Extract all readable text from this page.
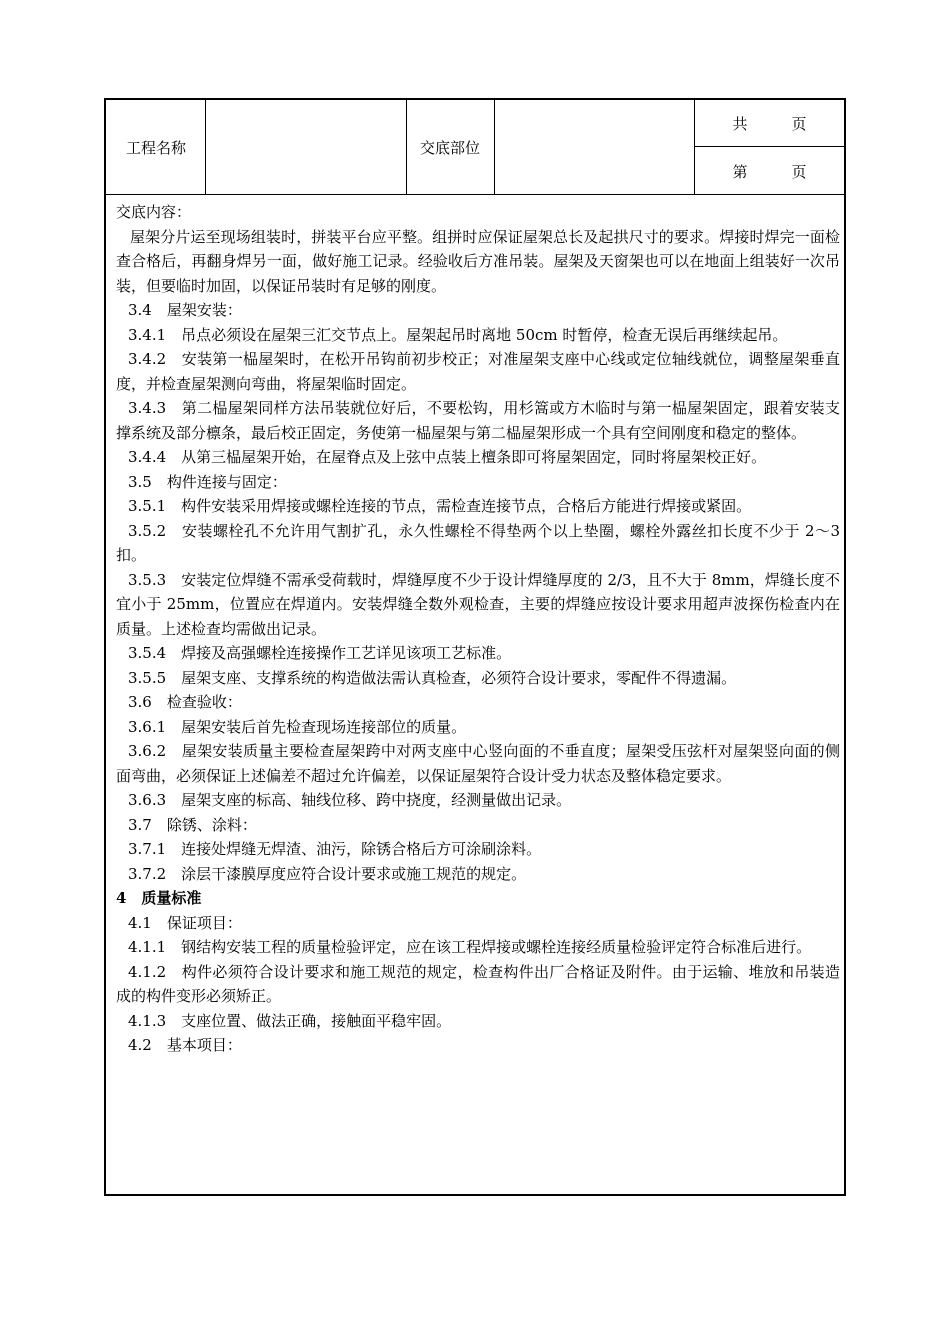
工程名称	交底部位
共	页
第	页

交底内容：

屋架分片运至现场组装时，拼装平台应平整。组拼时应保证屋架总长及起拱尺寸的要求。焊接时焊完一面检查合格后，再翻身焊另一面，做好施工记录。经验收后方准吊装。屋架及天窗架也可以在地面上组装好一次吊装，但要临时加固，以保证吊装时有足够的刚度。

3.4　屋架安装：

3.4.1　吊点必须设在屋架三汇交节点上。屋架起吊时离地 50cm 时暂停，检查无误后再继续起吊。

3.4.2　安装第一榀屋架时，在松开吊钩前初步校正；对准屋架支座中心线或定位轴线就位，调整屋架垂直度，并检查屋架测向弯曲，将屋架临时固定。

3.4.3　第二榀屋架同样方法吊装就位好后，不要松钩，用杉篙或方木临时与第一榀屋架固定，跟着安装支撑系统及部分檩条，最后校正固定，务使第一榀屋架与第二榀屋架形成一个具有空间刚度和稳定的整体。

3.4.4　从第三榀屋架开始，在屋脊点及上弦中点装上檀条即可将屋架固定，同时将屋架校正好。

3.5　构件连接与固定：

3.5.1　构件安装采用焊接或螺栓连接的节点，需检查连接节点，合格后方能进行焊接或紧固。

3.5.2　安装螺栓孔不允许用气割扩孔，永久性螺栓不得垫两个以上垫圈，螺栓外露丝扣长度不少于 2～3 扣。

3.5.3　安装定位焊缝不需承受荷载时，焊缝厚度不少于设计焊缝厚度的 2/3，且不大于 8mm，焊缝长度不宜小于 25mm，位置应在焊道内。安装焊缝全数外观检查，主要的焊缝应按设计要求用超声波探伤检查内在质量。上述检查均需做出记录。

3.5.4　焊接及高强螺栓连接操作工艺详见该项工艺标准。

3.5.5　屋架支座、支撑系统的构造做法需认真检查，必须符合设计要求，零配件不得遗漏。

3.6　检查验收：

3.6.1　屋架安装后首先检查现场连接部位的质量。

3.6.2　屋架安装质量主要检查屋架跨中对两支座中心竖向面的不垂直度；屋架受压弦杆对屋架竖向面的侧面弯曲，必须保证上述偏差不超过允许偏差，以保证屋架符合设计受力状态及整体稳定要求。

3.6.3　屋架支座的标高、轴线位移、跨中挠度，经测量做出记录。

3.7　除锈、涂料：

3.7.1　连接处焊缝无焊渣、油污，除锈合格后方可涂刷涂料。

3.7.2　涂层干漆膜厚度应符合设计要求或施工规范的规定。

4　质量标准

4.1　保证项目：

4.1.1　钢结构安装工程的质量检验评定，应在该工程焊接或螺栓连接经质量检验评定符合标准后进行。

4.1.2　构件必须符合设计要求和施工规范的规定，检查构件出厂合格证及附件。由于运输、堆放和吊装造成的构件变形必须矫正。

4.1.3　支座位置、做法正确，接触面平稳牢固。

4.2　基本项目：
